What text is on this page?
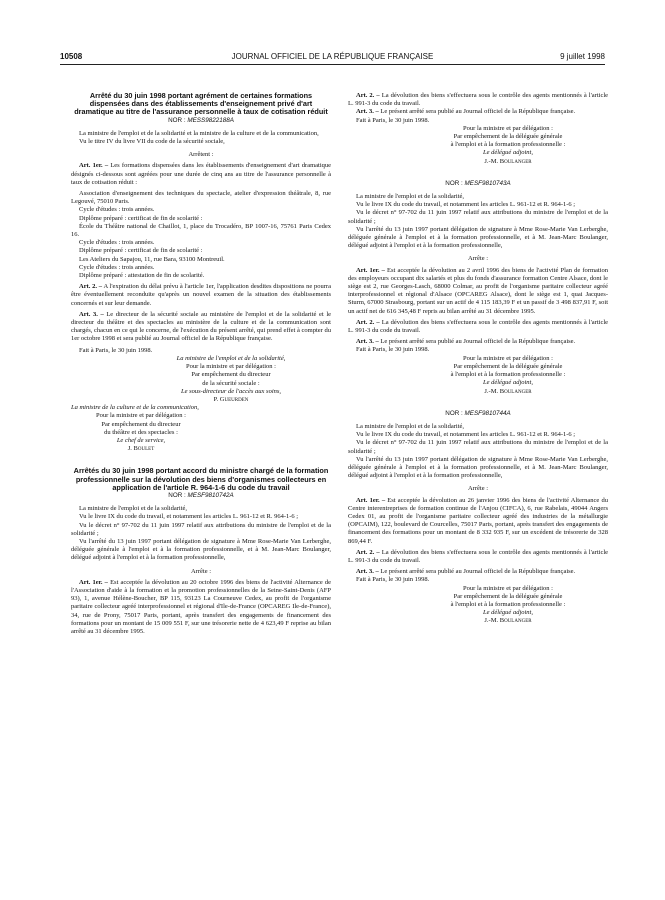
10508	JOURNAL OFFICIEL DE LA RÉPUBLIQUE FRANÇAISE	9 juillet 1998

Arrêté du 30 juin 1998 portant agrément de certaines formations dispensées dans des établissements d'enseignement privé d'art dramatique au titre de l'assurance personnelle à taux de cotisation réduit

NOR : MESS9822188A

La ministre de l'emploi et de la solidarité et la ministre de la culture et de la communication,

Vu le titre IV du livre VII du code de la sécurité sociale,

Arrêtent :

Art. 1er. – Les formations dispensées dans les établissements d'enseignement d'art dramatique désignés ci-dessous sont agréées pour une durée de cinq ans au titre de l'assurance personnelle à taux de cotisation réduit :

Association d'enseignement des techniques du spectacle, atelier d'expression théâtrale, 8, rue Legouvé, 75010 Paris.

Cycle d'études : trois années.

Diplôme préparé : certificat de fin de scolarité :

École du Théâtre national de Chaillot, 1, place du Trocadéro, BP 1007-16, 75761 Paris Cedex 16.

Cycle d'études : trois années.

Diplôme préparé : certificat de fin de scolarité :

Les Ateliers du Sapajou, 11, rue Bara, 93100 Montreuil.

Cycle d'études : trois années.

Diplôme préparé : attestation de fin de scolarité.

Art. 2. – A l'expiration du délai prévu à l'article 1er, l'application desdites dispositions ne pourra être éventuellement reconduite qu'après un nouvel examen de la situation des établissements concernés et sur leur demande.

Art. 3. – Le directeur de la sécurité sociale au ministère de l'emploi et de la solidarité et le directeur du théâtre et des spectacles au ministère de la culture et de la communication sont chargés, chacun en ce qui le concerne, de l'exécution du présent arrêté, qui prend effet à compter du 1er octobre 1998 et sera publié au Journal officiel de la République française.

Fait à Paris, le 30 juin 1998.

La ministre de l'emploi et de la solidarité,

Pour la ministre et par délégation :

Par empêchement du directeur

de la sécurité sociale :

Le sous-directeur de l'accès aux soins,

P. Gueurden

La ministre de la culture et de la communication,

Pour la ministre et par délégation :

Par empêchement du directeur

du théâtre et des spectacles :

Le chef de service,

J. Boulet

Arrêtés du 30 juin 1998 portant accord du ministre chargé de la formation professionnelle sur la dévolution des biens d'organismes collecteurs en application de l'article R. 964-1-6 du code du travail

NOR : MESF9810742A

La ministre de l'emploi et de la solidarité,

Vu le livre IX du code du travail, et notamment les articles L. 961-12 et R. 964-1-6 ;

Vu le décret n° 97-702 du 11 juin 1997 relatif aux attributions du ministre de l'emploi et de la solidarité ;

Vu l'arrêté du 13 juin 1997 portant délégation de signature à Mme Rose-Marie Van Lerberghe, déléguée générale à l'emploi et à la formation professionnelle, et à M. Jean-Marc Boulanger, délégué adjoint à l'emploi et à la formation professionnelle,

Arrête :

Art. 1er. – Est acceptée la dévolution au 20 octobre 1996 des biens de l'activité Alternance de l'Association d'aide à la formation et la promotion professionnelles de la Seine-Saint-Denis (AFP 93), 1, avenue Hélène-Boucher, BP 115, 93123 La Courneuve Cedex, au profit de l'organisme paritaire collecteur agréé interprofessionnel et régional d'Ile-de-France (OPCAREG Ile-de-France), 34, rue de Prony, 75017 Paris, portant, après transfert des engagements de financement des formations pour un montant de 15 009 551 F, sur une trésorerie nette de 4 623,49 F reprise au bilan arrêté au 31 décembre 1995.

Art. 2. – La dévolution des biens s'effectuera sous le contrôle des agents mentionnés à l'article L. 991-3 du code du travail.

Art. 3. – Le présent arrêté sera publié au Journal officiel de la République française.

Fait à Paris, le 30 juin 1998.

Pour la ministre et par délégation :

Par empêchement de la déléguée générale

à l'emploi et à la formation professionnelle :

Le délégué adjoint,

J.-M. Boulanger

NOR : MESF9810743A

La ministre de l'emploi et de la solidarité,

Vu le livre IX du code du travail, et notamment les articles L. 961-12 et R. 964-1-6 ;

Vu le décret n° 97-702 du 11 juin 1997 relatif aux attributions du ministre de l'emploi et de la solidarité ;

Vu l'arrêté du 13 juin 1997 portant délégation de signature à Mme Rose-Marie Van Lerberghe, déléguée générale à l'emploi et à la formation professionnelle, et à M. Jean-Marc Boulanger, délégué adjoint à l'emploi et à la formation professionnelle,

Arrête :

Art. 1er. – Est acceptée la dévolution au 2 avril 1996 des biens de l'activité Plan de formation des employeurs occupant dix salariés et plus du fonds d'assurance formation Centre Alsace, dont le siège est 2, rue Georges-Lasch, 68000 Colmar, au profit de l'organisme paritaire collecteur agréé interprofessionnel et régional d'Alsace (OPCAREG Alsace), dont le siège est 1, quai Jacques-Sturm, 67000 Strasbourg, portant sur un actif de 4 115 183,39 F et un passif de 3 498 837,91 F, soit un actif net de 616 345,48 F repris au bilan arrêté au 31 décembre 1995.

Art. 2. – La dévolution des biens s'effectuera sous le contrôle des agents mentionnés à l'article L. 991-3 du code du travail.

Art. 3. – Le présent arrêté sera publié au Journal officiel de la République française.

Fait à Paris, le 30 juin 1998.

Pour la ministre et par délégation :

Par empêchement de la déléguée générale

à l'emploi et à la formation professionnelle :

Le délégué adjoint,

J.-M. Boulanger

NOR : MESF9810744A

La ministre de l'emploi et de la solidarité,

Vu le livre IX du code du travail, et notamment les articles L. 961-12 et R. 964-1-6 ;

Vu le décret n° 97-702 du 11 juin 1997 relatif aux attributions du ministre de l'emploi et de la solidarité ;

Vu l'arrêté du 13 juin 1997 portant délégation de signature à Mme Rose-Marie Van Lerberghe, déléguée générale à l'emploi et à la formation professionnelle, et à M. Jean-Marc Boulanger, délégué adjoint à l'emploi et à la formation professionnelle,

Arrête :

Art. 1er. – Est acceptée la dévolution au 26 janvier 1996 des biens de l'activité Alternance du Centre interentreprises de formation continue de l'Anjou (CIFCA), 6, rue Rabelais, 49044 Angers Cedex 01, au profit de l'organisme paritaire collecteur agréé des industries de la métallurgie (OPCAIM), 122, boulevard de Courcelles, 75017 Paris, portant, après transfert des engagements de financement des formations pour un montant de 8 332 935 F, sur un excédent de trésorerie de 328 869,44 F.

Art. 2. – La dévolution des biens s'effectuera sous le contrôle des agents mentionnés à l'article L. 991-3 du code du travail.

Art. 3. – Le présent arrêté sera publié au Journal officiel de la République française.

Fait à Paris, le 30 juin 1998.

Pour la ministre et par délégation :

Par empêchement de la déléguée générale

à l'emploi et à la formation professionnelle :

Le délégué adjoint,

J.-M. Boulanger
